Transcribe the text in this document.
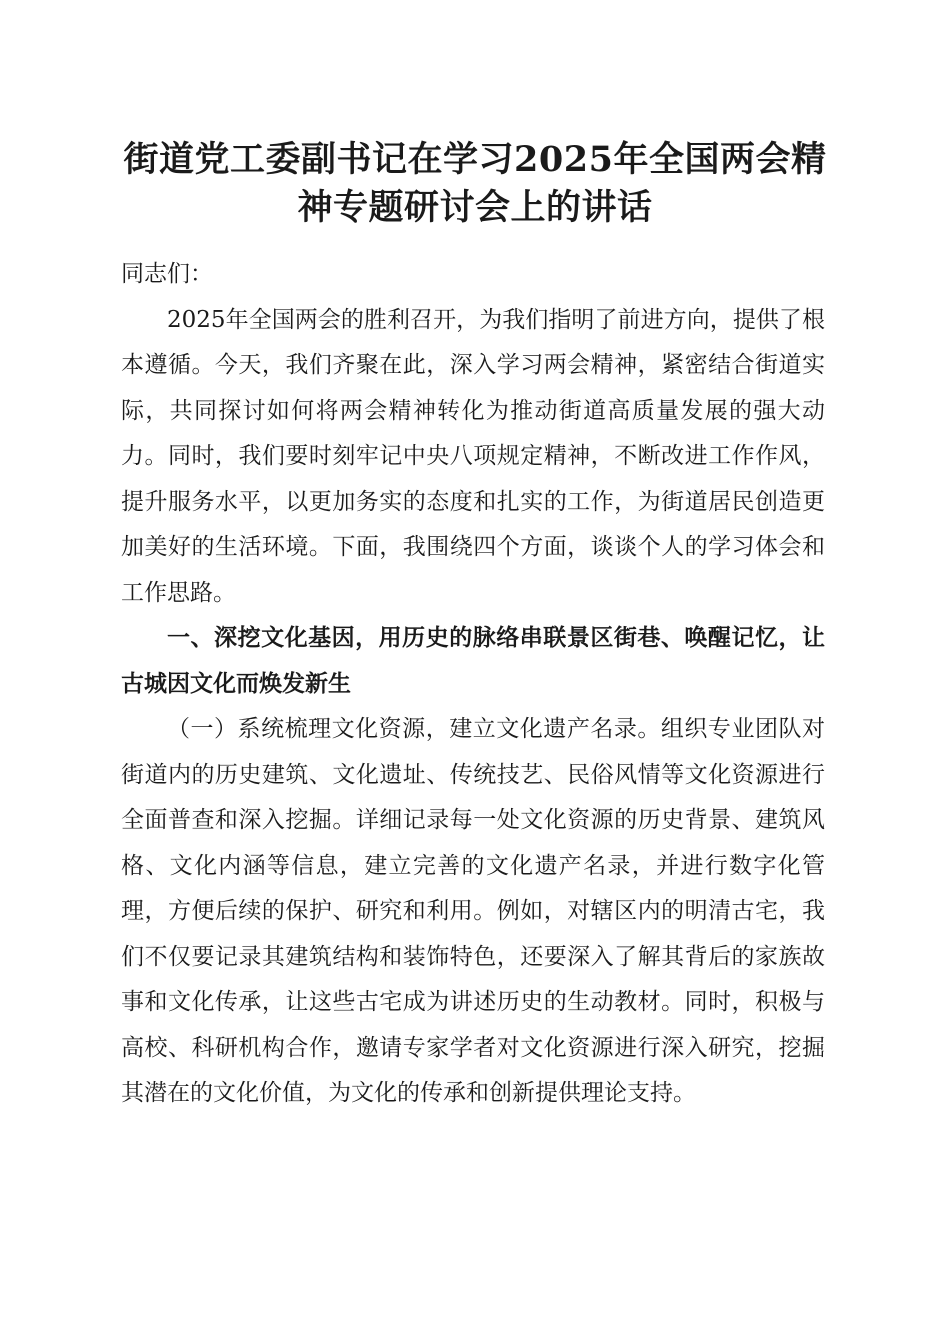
街道党工委副书记在学习2025年全国两会精
神专题研讨会上的讲话

同志们：

2025年全国两会的胜利召开，为我们指明了前进方向，提供了根本遵循。今天，我们齐聚在此，深入学习两会精神，紧密结合街道实际，共同探讨如何将两会精神转化为推动街道高质量发展的强大动力。同时，我们要时刻牢记中央八项规定精神，不断改进工作作风，提升服务水平，以更加务实的态度和扎实的工作，为街道居民创造更加美好的生活环境。下面，我围绕四个方面，谈谈个人的学习体会和工作思路。

一、深挖文化基因，用历史的脉络串联景区街巷、唤醒记忆，让古城因文化而焕发新生

（一）系统梳理文化资源，建立文化遗产名录。组织专业团队对街道内的历史建筑、文化遗址、传统技艺、民俗风情等文化资源进行全面普查和深入挖掘。详细记录每一处文化资源的历史背景、建筑风格、文化内涵等信息，建立完善的文化遗产名录，并进行数字化管理，方便后续的保护、研究和利用。例如，对辖区内的明清古宅，我们不仅要记录其建筑结构和装饰特色，还要深入了解其背后的家族故事和文化传承，让这些古宅成为讲述历史的生动教材。同时，积极与高校、科研机构合作，邀请专家学者对文化资源进行深入研究，挖掘其潜在的文化价值，为文化的传承和创新提供理论支持。
